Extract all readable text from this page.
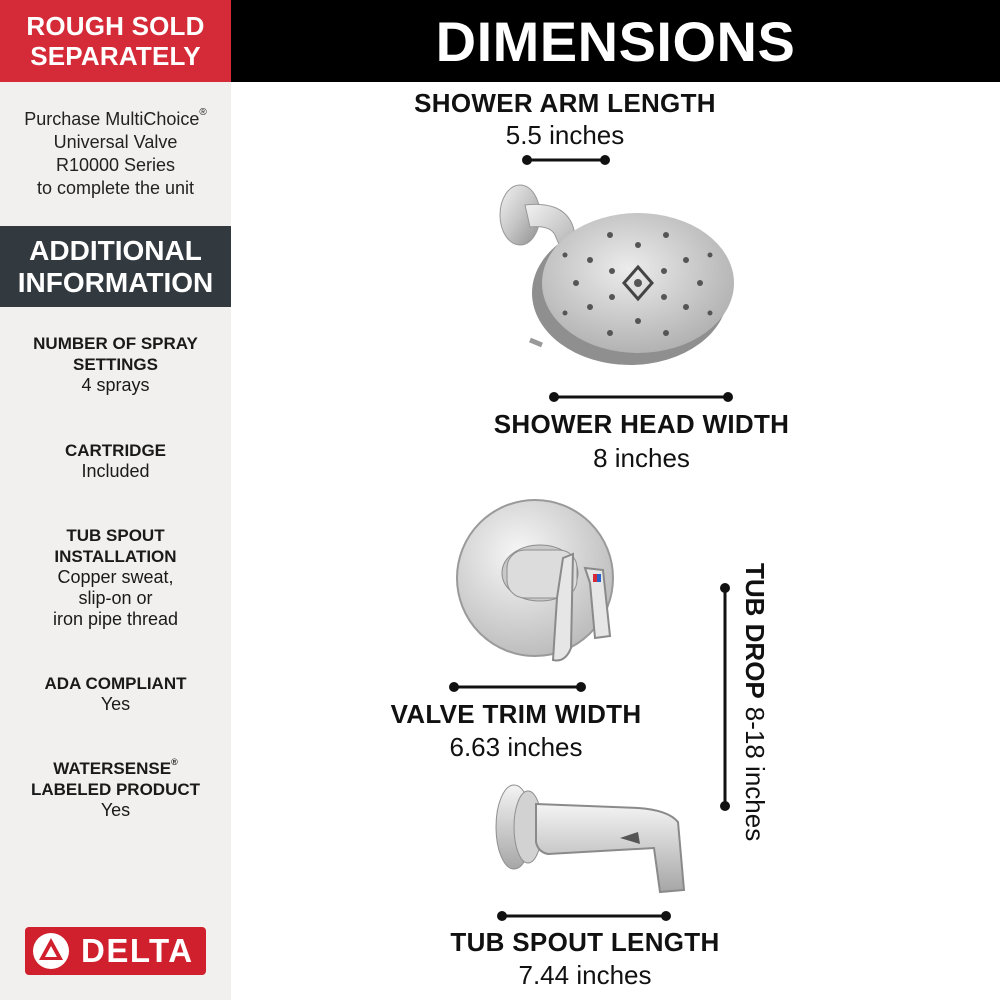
ROUGH SOLD
SEPARATELY
Purchase MultiChoice®
Universal Valve
R10000 Series
to complete the unit
ADDITIONAL
INFORMATION
NUMBER OF SPRAY
SETTINGS
4 sprays
CARTRIDGE
Included
TUB SPOUT
INSTALLATION
Copper sweat,
slip-on or
iron pipe thread
ADA COMPLIANT
Yes
WATERSENSE®
LABELED PRODUCT
Yes
DELTA
DIMENSIONS
SHOWER ARM LENGTH
5.5 inches
SHOWER HEAD WIDTH
8 inches
VALVE TRIM WIDTH
6.63 inches
TUB DROP8-18 inches
TUB SPOUT LENGTH
7.44 inches
